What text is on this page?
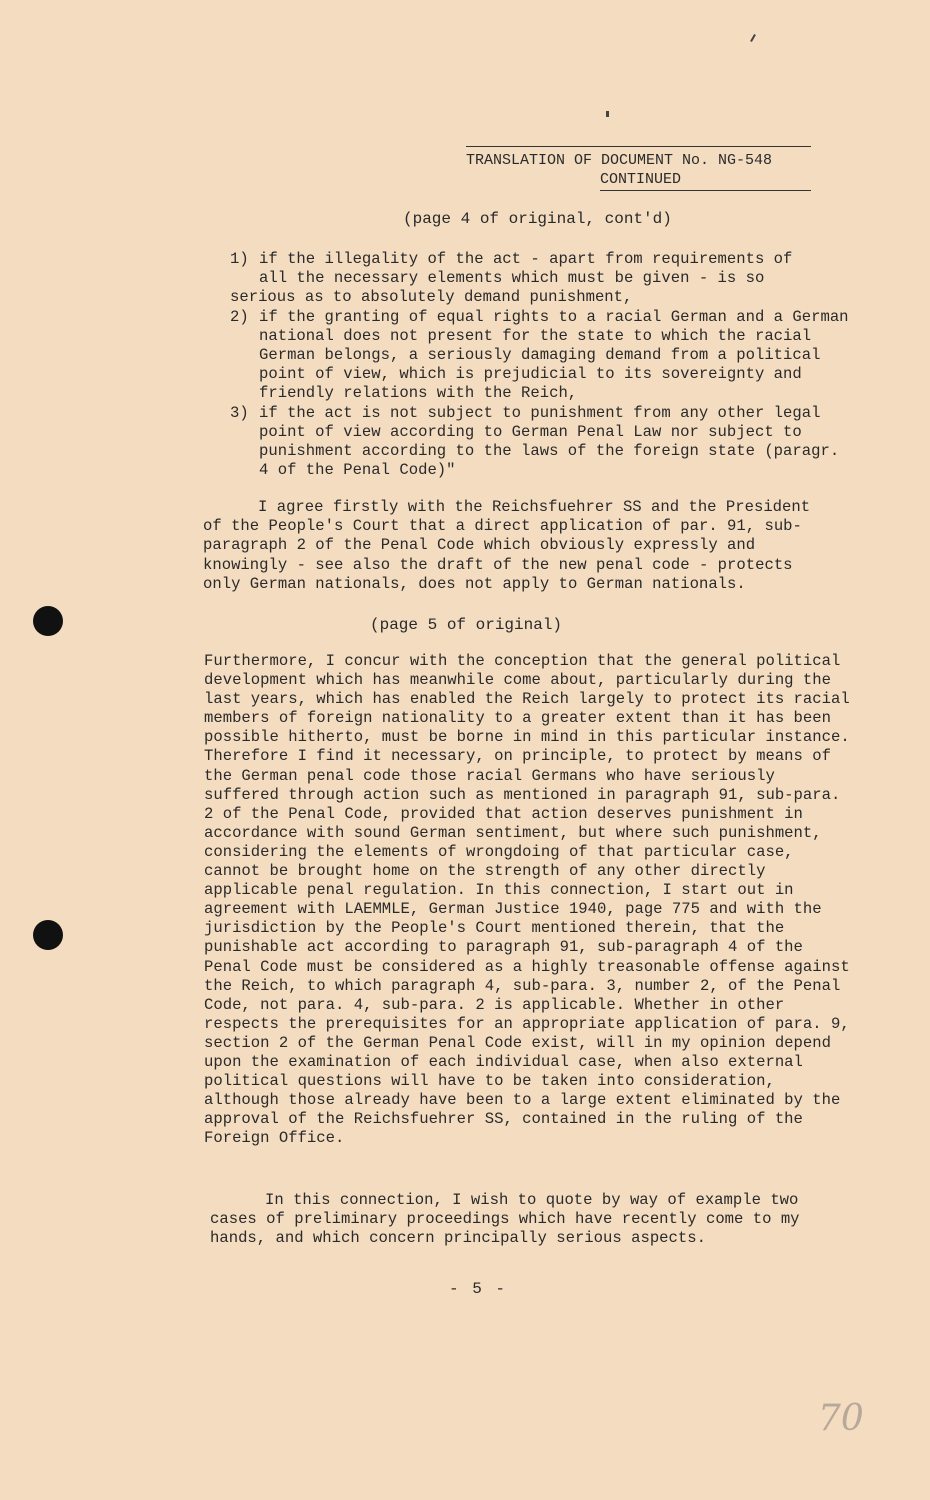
TRANSLATION OF DOCUMENT No. NG-548
CONTINUED
(page 4 of original, cont'd)
1) if the illegality of the act - apart from requirements of
all the necessary elements which must be given - is so
serious as to absolutely demand punishment,
2) if the granting of equal rights to a racial German and a German national does not present for the state to which the racial German belongs, a seriously damaging demand from a political point of view, which is prejudicial to its sovereignty and friendly relations with the Reich,
3) if the act is not subject to punishment from any other legal point of view according to German Penal Law nor subject to punishment according to the laws of the foreign state (paragr. 4 of the Penal Code)"

I agree firstly with the Reichsfuehrer SS and the President of the People's Court that a direct application of par. 91, sub-paragraph 2 of the Penal Code which obviously expressly and knowingly - see also the draft of the new penal code - protects only German nationals, does not apply to German nationals.

(page 5 of original)

Furthermore, I concur with the conception that the general political development which has meanwhile come about, particularly during the last years, which has enabled the Reich largely to protect its racial members of foreign nationality to a greater extent than it has been possible hitherto, must be borne in mind in this particular instance. Therefore I find it necessary, on principle, to protect by means of the German penal code those racial Germans who have seriously suffered through action such as mentioned in paragraph 91, sub-para. 2 of the Penal Code, provided that action deserves punishment in accordance with sound German sentiment, but where such punishment, considering the elements of wrongdoing of that particular case, cannot be brought home on the strength of any other directly applicable penal regulation. In this connection, I start out in agreement with LAEMMLE, German Justice 1940, page 775 and with the jurisdiction by the People's Court mentioned therein, that the punishable act according to paragraph 91, sub-paragraph 4 of the Penal Code must be considered as a highly treasonable offense against the Reich, to which paragraph 4, sub-para. 3, number 2, of the Penal Code, not para. 4, sub-para. 2 is applicable. Whether in other respects the prerequisites for an appropriate application of para. 9, section 2 of the German Penal Code exist, will in my opinion depend upon the examination of each individual case, when also external political questions will have to be taken into consideration, although those already have been to a large extent eliminated by the approval of the Reichsfuehrer SS, contained in the ruling of the Foreign Office.

In this connection, I wish to quote by way of example two cases of preliminary proceedings which have recently come to my hands, and which concern principally serious aspects.

- 5 -
70
